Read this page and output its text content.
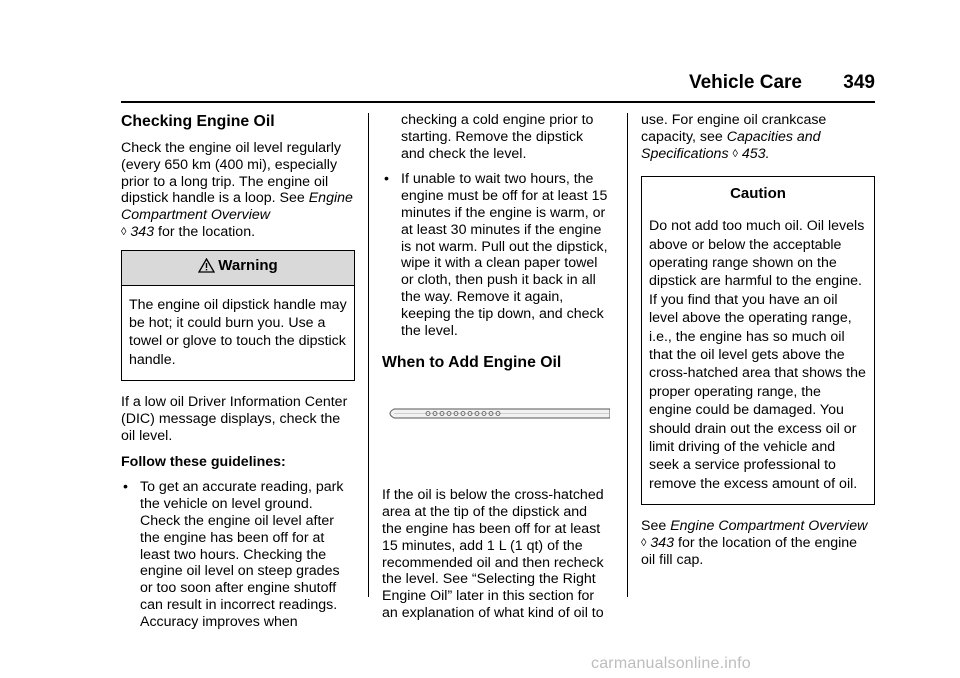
Vehicle Care 349
Checking Engine Oil

Check the engine oil level regularly (every 650 km (400 mi), especially prior to a long trip. The engine oil dipstick handle is a loop. See Engine Compartment Overview
◊ 343 for the location.

Warning
The engine oil dipstick handle may be hot; it could burn you. Use a towel or glove to touch the dipstick handle.

If a low oil Driver Information Center (DIC) message displays, check the oil level.

Follow these guidelines:

• To get an accurate reading, park the vehicle on level ground. Check the engine oil level after the engine has been off for at least two hours. Checking the engine oil level on steep grades or too soon after engine shutoff can result in incorrect readings. Accuracy improves when
checking a cold engine prior to starting. Remove the dipstick and check the level.
• If unable to wait two hours, the engine must be off for at least 15 minutes if the engine is warm, or at least 30 minutes if the engine is not warm. Pull out the dipstick, wipe it with a clean paper towel or cloth, then push it back in all the way. Remove it again, keeping the tip down, and check the level.
When to Add Engine Oil

If the oil is below the cross-hatched area at the tip of the dipstick and the engine has been off for at least 15 minutes, add 1 L (1 qt) of the recommended oil and then recheck the level. See “Selecting the Right Engine Oil” later in this section for an explanation of what kind of oil to

use. For engine oil crankcase capacity, see Capacities and Specifications ◊ 453.

Caution
Do not add too much oil. Oil levels above or below the acceptable operating range shown on the dipstick are harmful to the engine. If you find that you have an oil level above the operating range, i.e., the engine has so much oil that the oil level gets above the cross-hatched area that shows the proper operating range, the engine could be damaged. You should drain out the excess oil or limit driving of the vehicle and seek a service professional to remove the excess amount of oil.

See Engine Compartment Overview
◊ 343 for the location of the engine oil fill cap.

carmanualsonline.info
